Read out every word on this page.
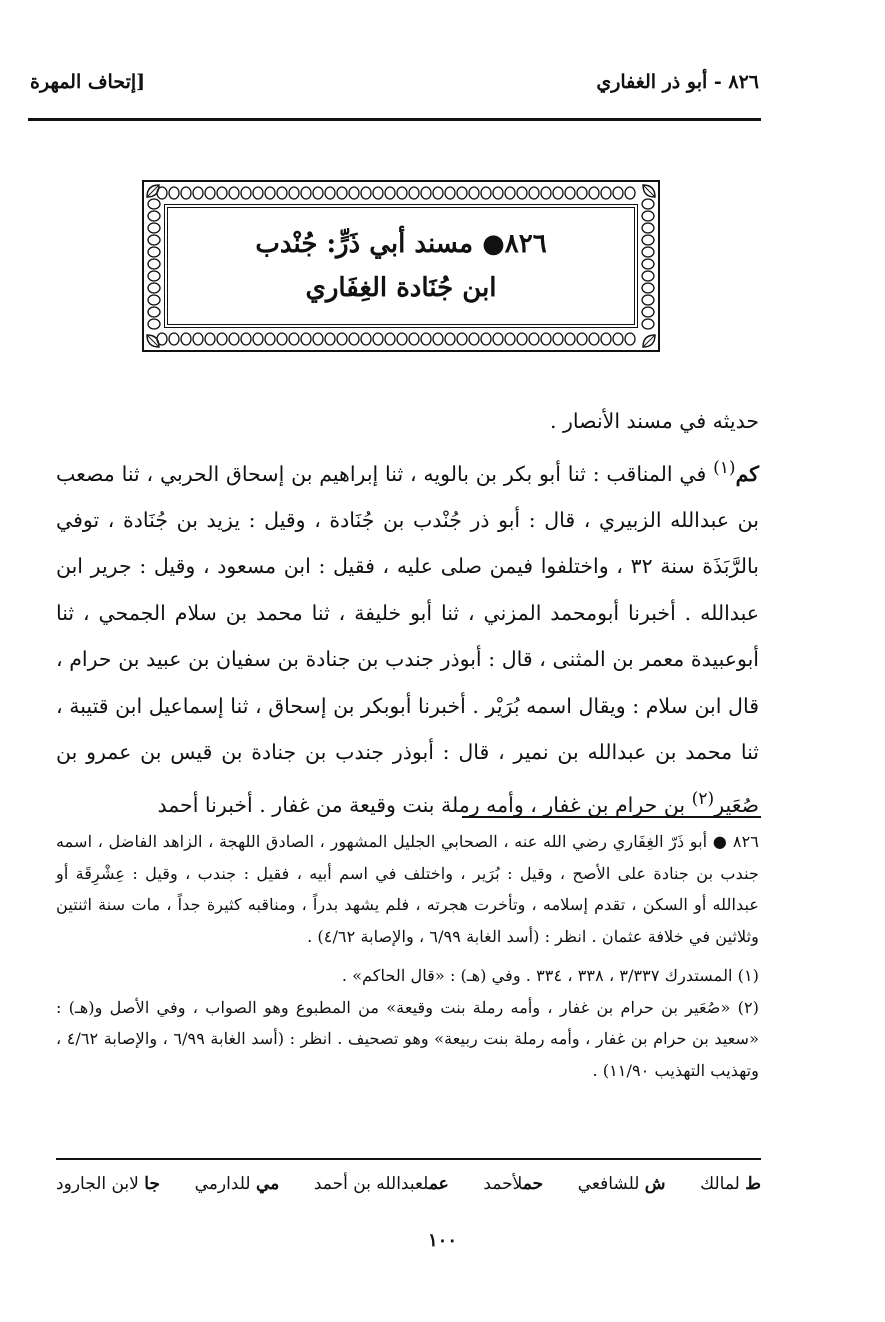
٨٢٦ - أبو ذر الغفاري
[إتحاف المهرة
٨٢٦● مسند أبي ذَرٍّ: جُنْدب
ابن جُنَادة الغِفَاري

حديثه في مسند الأنصار .

كم$^{(١)}$ في المناقب : ثنا أبو بكر بن بالويه ، ثنا إبراهيم بن إسحاق الحربي ، ثنا مصعب بن عبدالله الزبيري ، قال : أبو ذر جُنْدب بن جُنَادة ، وقيل : يزيد بن جُنَادة ، توفي بالرَّبَذَة سنة ٣٢ ، واختلفوا فيمن صلى عليه ، فقيل : ابن مسعود ، وقيل : جرير ابن عبدالله . أخبرنا أبومحمد المزني ، ثنا أبو خليفة ، ثنا محمد بن سلام الجمحي ، ثنا أبوعبيدة معمر بن المثنى ، قال : أبوذر جندب بن جنادة بن سفيان بن عبيد بن حرام ، قال ابن سلام : ويقال اسمه بُرَيْر . أخبرنا أبوبكر بن إسحاق ، ثنا إسماعيل ابن قتيبة ، ثنا محمد بن عبدالله بن نمير ، قال : أبوذر جندب بن جنادة بن قيس بن عمرو بن صُعَير$^{(٢)}$ بن حرام بن غفار ، وأمه رملة بنت وقيعة من غفار . أخبرنا أحمد

٨٢٦ ● أبو ذَرّ الغِفَاري رضي الله عنه ، الصحابي الجليل المشهور ، الصادق اللهجة ، الزاهد الفاضل ، اسمه جندب بن جنادة على الأصح ، وقيل : بُرَير ، واختلف في اسم أبيه ، فقيل : جندب ، وقيل : عِشْرِقَة أو عبدالله أو السكن ، تقدم إسلامه ، وتأخرت هجرته ، فلم يشهد بدراً ، ومناقبه كثيرة جداً ، مات سنة اثنتين وثلاثين في خلافة عثمان . انظر : (أسد الغابة ٦/٩٩ ، والإصابة ٤/٦٢) .

(١) المستدرك ٣/٣٣٧ ، ٣٣٨ ، ٣٣٤ . وفي (هـ) : «قال الحاكم» .

(٢) «صُعَير بن حرام بن غفار ، وأمه رملة بنت وقيعة» من المطبوع وهو الصواب ، وفي الأصل و(هـ) : «سعيد بن حرام بن غفار ، وأمه رملة بنت ربيعة» وهو تصحيف . انظر : (أسد الغابة ٦/٩٩ ، والإصابة ٤/٦٢ ، وتهذيب التهذيب ١١/٩٠) .

ط لمالك
ش للشافعي
حملأحمد
عملعبدالله بن أحمد
مي للدارمي
جا لابن الجارود
١٠٠
